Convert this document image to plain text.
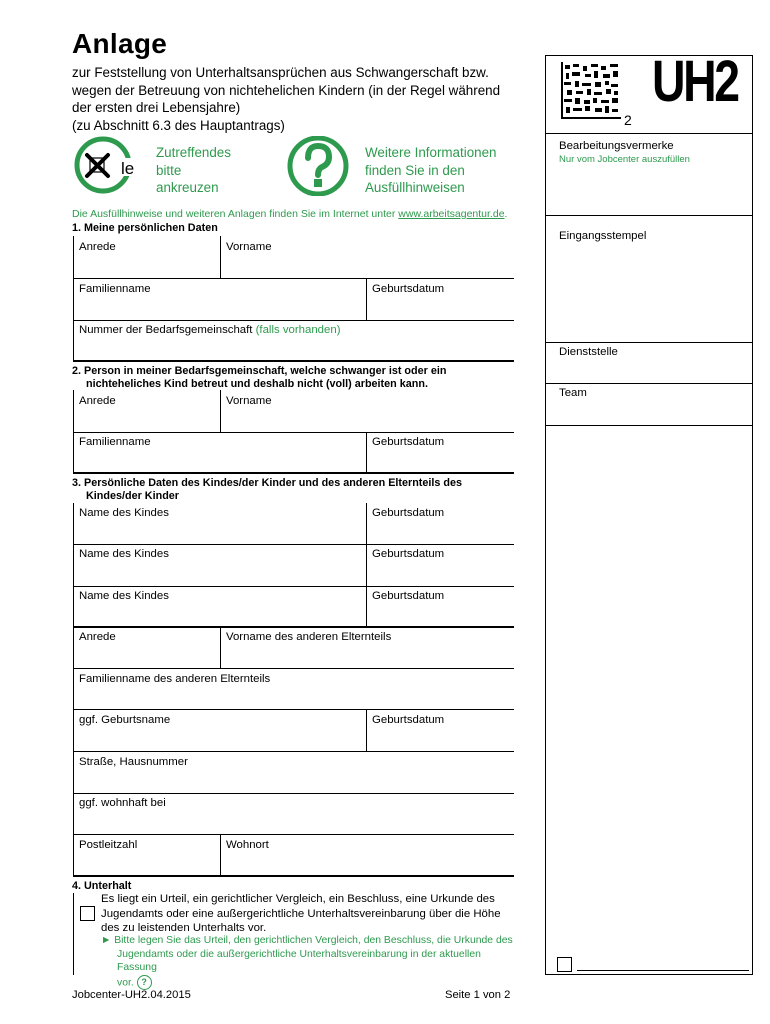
Anlage
zur Feststellung von Unterhaltsansprüchen aus Schwangerschaft bzw.
wegen der Betreuung von nichtehelichen Kindern (in der Regel während
der ersten drei Lebensjahre)
(zu Abschnitt 6.3 des Hauptantrags)
le
Zutreffendes
bitte
ankreuzen
Weitere Informationen
finden Sie in den
Ausfüllhinweisen
Die Ausfüllhinweise und weiteren Anlagen finden Sie im Internet unter www.arbeitsagentur.de.
2
UH2
Bearbeitungsvermerke
Nur vom Jobcenter auszufüllen
Eingangsstempel
Dienststelle
Team
1. Meine persönlichen Daten
Anrede	Vorname
Familienname	Geburtsdatum
Nummer der Bedarfsgemeinschaft (falls vorhanden)
2. Person in meiner Bedarfsgemeinschaft, welche schwanger ist oder ein
nichteheliches Kind betreut und deshalb nicht (voll) arbeiten kann.
Anrede	Vorname
Familienname	Geburtsdatum
3. Persönliche Daten des Kindes/der Kinder und des anderen Elternteils des
Kindes/der Kinder
Name des Kindes	Geburtsdatum
Name des Kindes	Geburtsdatum
Name des Kindes	Geburtsdatum
Anrede	Vorname des anderen Elternteils
Familienname des anderen Elternteils
ggf. Geburtsname	Geburtsdatum
Straße, Hausnummer
ggf. wohnhaft bei
Postleitzahl	Wohnort
4. Unterhalt
Es liegt ein Urteil, ein gerichtlicher Vergleich, ein Beschluss, eine Urkunde des
Jugendamts oder eine außergerichtliche Unterhaltsvereinbarung über die Höhe
des zu leistenden Unterhalts vor.
► Bitte legen Sie das Urteil, den gerichtlichen Vergleich, den Beschluss, die Urkunde des
Jugendamts oder die außergerichtliche Unterhaltsvereinbarung in der aktuellen Fassung
vor. ?
Jobcenter-UH2.04.2015	Seite 1 von 2
